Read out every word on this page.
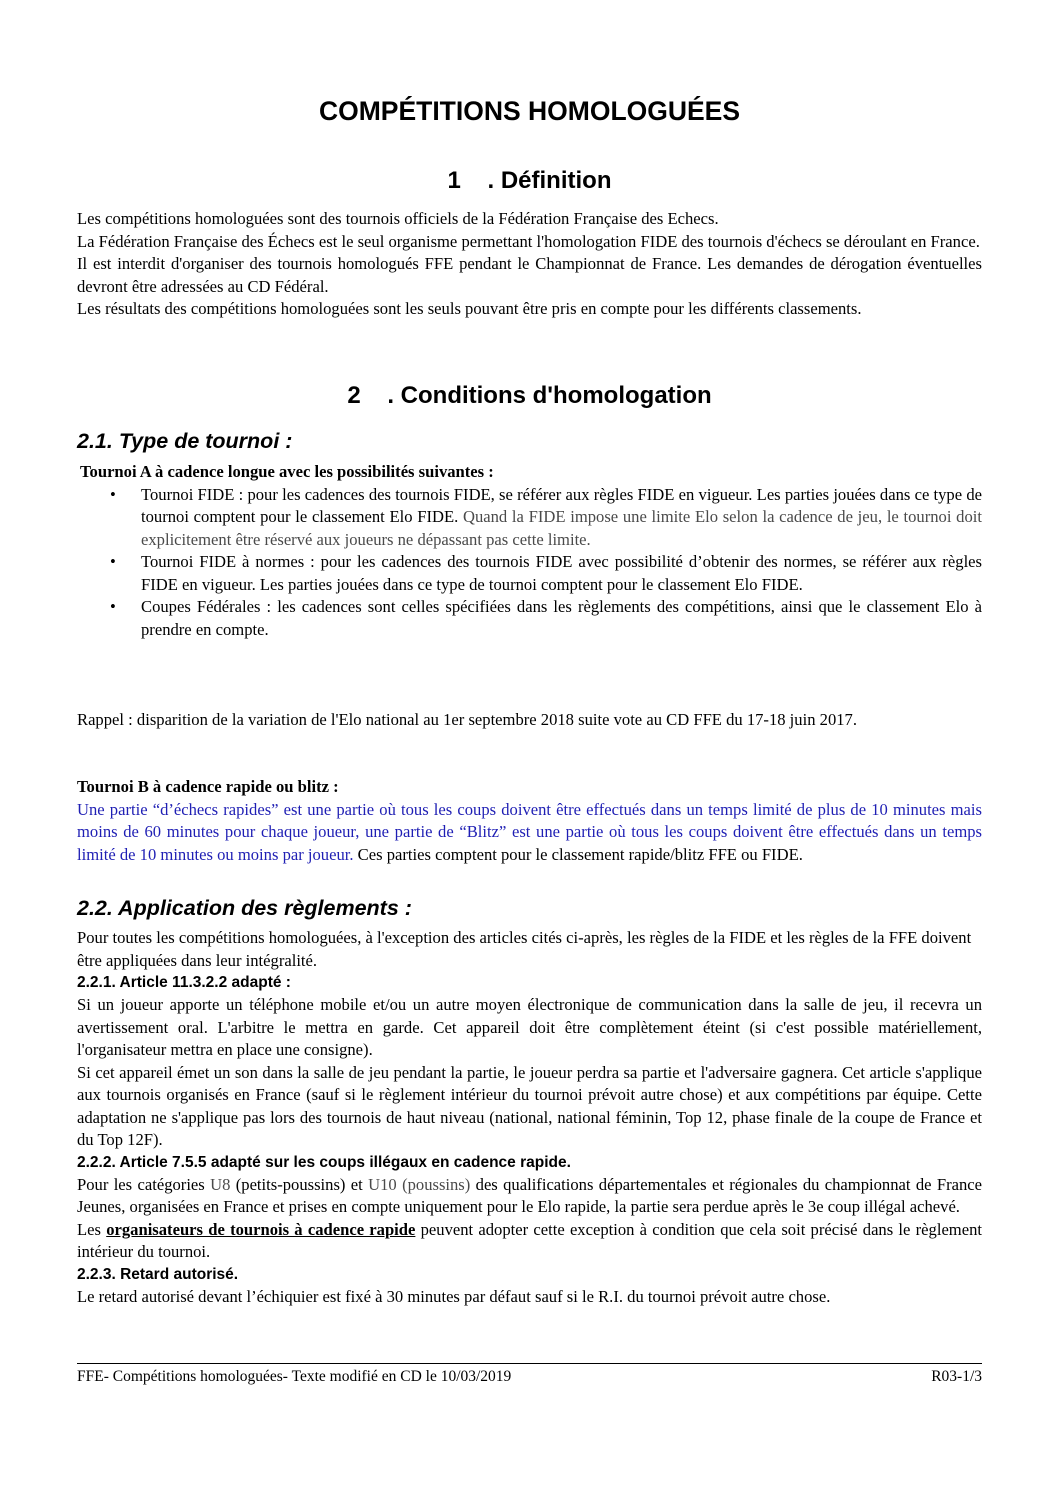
COMPÉTITIONS HOMOLOGUÉES
1 . Définition

Les compétitions homologuées sont des tournois officiels de la Fédération Française des Echecs.

La Fédération Française des Échecs est le seul organisme permettant l'homologation FIDE des tournois d'échecs se déroulant en France.

Il est interdit d'organiser des tournois homologués FFE pendant le Championnat de France. Les demandes de dérogation éventuelles devront être adressées au CD Fédéral.

Les résultats des compétitions homologuées sont les seuls pouvant être pris en compte pour les différents classements.

2 . Conditions d'homologation
2.1. Type de tournoi :

Tournoi A à cadence longue avec les possibilités suivantes :

• Tournoi FIDE : pour les cadences des tournois FIDE, se référer aux règles FIDE en vigueur. Les parties jouées dans ce type de tournoi comptent pour le classement Elo FIDE. Quand la FIDE impose une limite Elo selon la cadence de jeu, le tournoi doit explicitement être réservé aux joueurs ne dépassant pas cette limite.
• Tournoi FIDE à normes : pour les cadences des tournois FIDE avec possibilité d’obtenir des normes, se référer aux règles FIDE en vigueur. Les parties jouées dans ce type de tournoi comptent pour le classement Elo FIDE.
• Coupes Fédérales : les cadences sont celles spécifiées dans les règlements des compétitions, ainsi que le classement Elo à prendre en compte.

Rappel : disparition de la variation de l'Elo national au 1er septembre 2018 suite vote au CD FFE du 17-18 juin 2017.

Tournoi B à cadence rapide ou blitz :

Une partie “d’échecs rapides” est une partie où tous les coups doivent être effectués dans un temps limité de plus de 10 minutes mais moins de 60 minutes pour chaque joueur, une partie de “Blitz” est une partie où tous les coups doivent être effectués dans un temps limité de 10 minutes ou moins par joueur. Ces parties comptent pour le classement rapide/blitz FFE ou FIDE.

2.2. Application des règlements :

Pour toutes les compétitions homologuées, à l'exception des articles cités ci-après, les règles de la FIDE et les règles de la FFE doivent être appliquées dans leur intégralité.

2.2.1. Article 11.3.2.2 adapté :

Si un joueur apporte un téléphone mobile et/ou un autre moyen électronique de communication dans la salle de jeu, il recevra un avertissement oral. L'arbitre le mettra en garde. Cet appareil doit être complètement éteint (si c'est possible matériellement, l'organisateur mettra en place une consigne).

Si cet appareil émet un son dans la salle de jeu pendant la partie, le joueur perdra sa partie et l'adversaire gagnera. Cet article s'applique aux tournois organisés en France (sauf si le règlement intérieur du tournoi prévoit autre chose) et aux compétitions par équipe. Cette adaptation ne s'applique pas lors des tournois de haut niveau (national, national féminin, Top 12, phase finale de la coupe de France et du Top 12F).

2.2.2. Article 7.5.5 adapté sur les coups illégaux en cadence rapide.

Pour les catégories U8 (petits-poussins) et U10 (poussins) des qualifications départementales et régionales du championnat de France Jeunes, organisées en France et prises en compte uniquement pour le Elo rapide, la partie sera perdue après le 3e coup illégal achevé.

Les organisateurs de tournois à cadence rapide peuvent adopter cette exception à condition que cela soit précisé dans le règlement intérieur du tournoi.

2.2.3. Retard autorisé.

Le retard autorisé devant l’échiquier est fixé à 30 minutes par défaut sauf si le R.I. du tournoi prévoit autre chose.

FFE- Compétitions homologuées- Texte modifié en CD le 10/03/2019	R03-1/3
